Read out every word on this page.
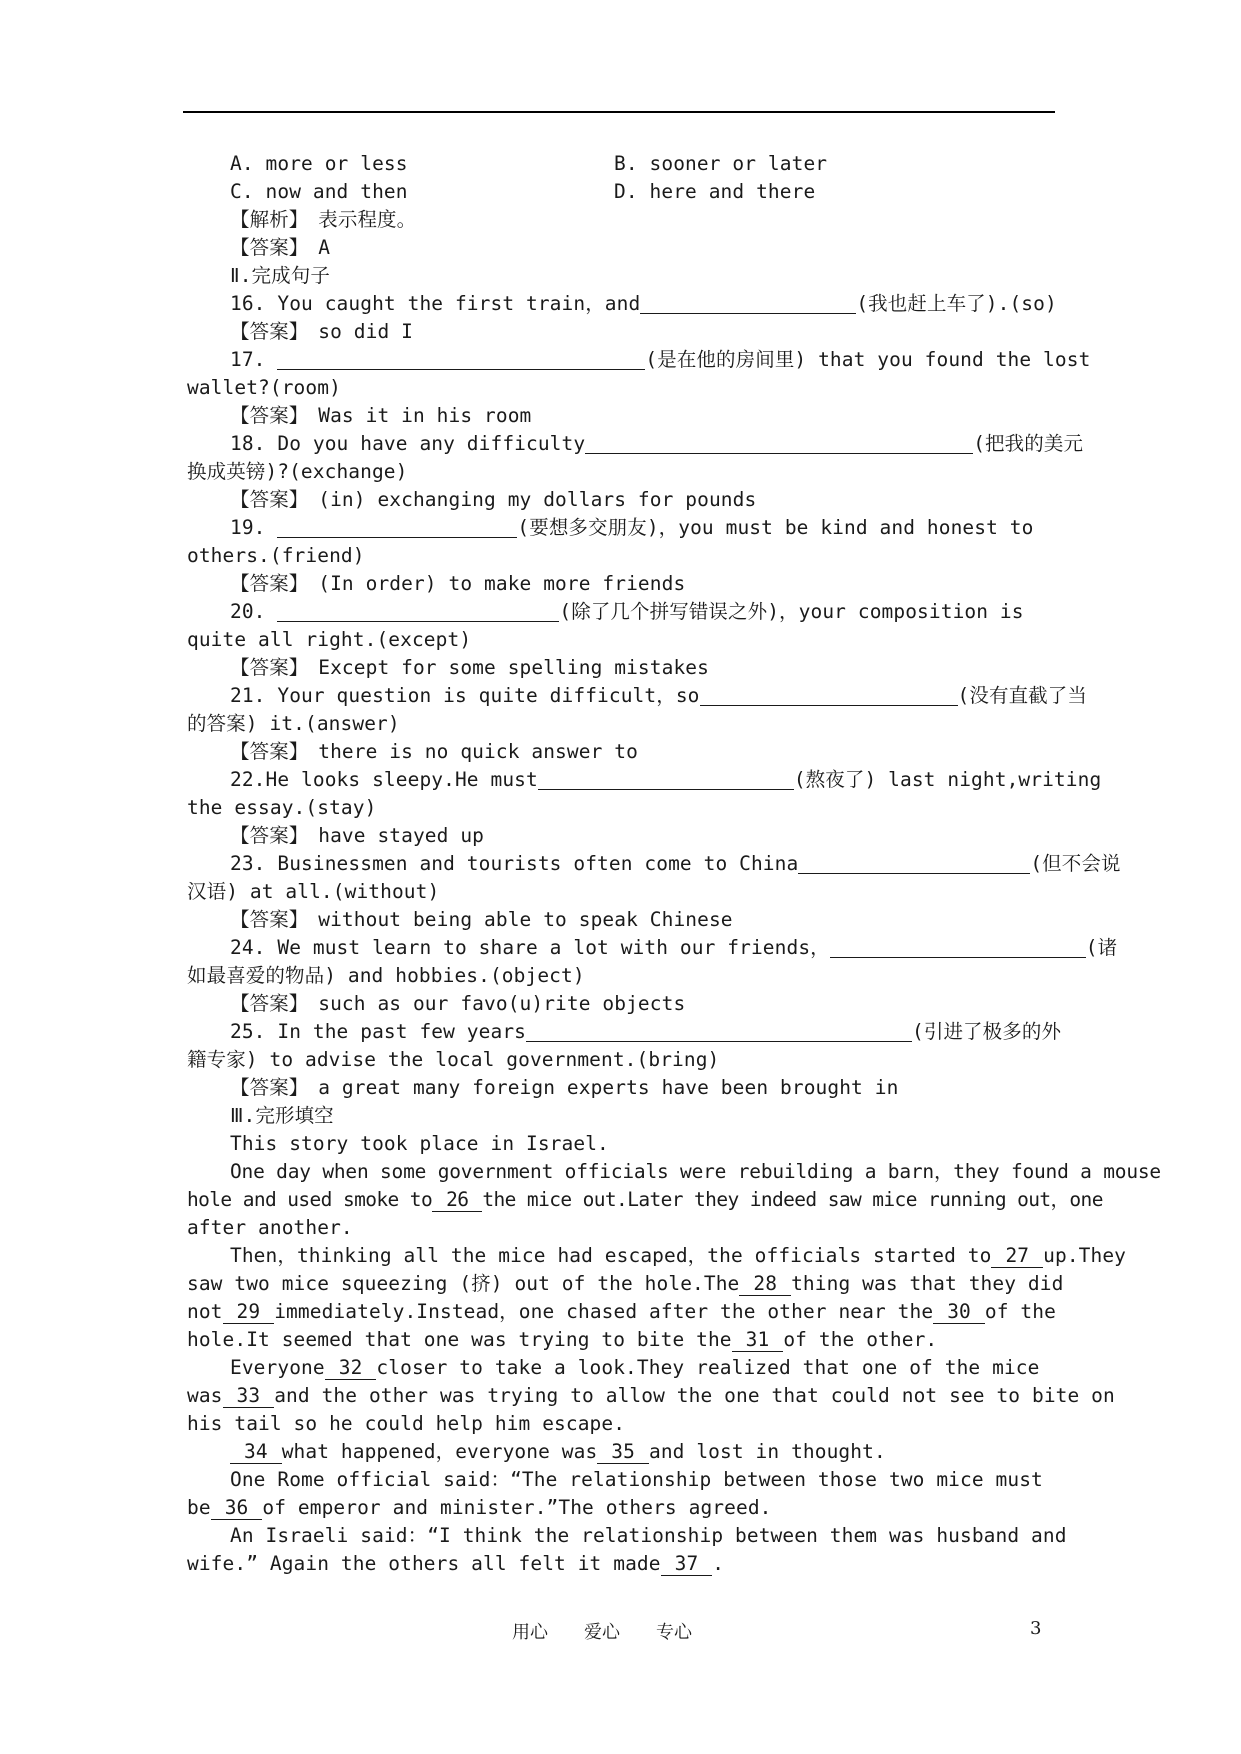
A. more or less	B. sooner or later
C. now and then	D. here and there
【解析】　表示程度。
【答案】　A
Ⅱ.完成句子
16. You caught the first train，and	(我也赶上车了).(so)
【答案】　so did I
17.	(是在他的房间里) that you found the lost
wallet?(room)
【答案】　Was it in his room
18. Do you have any difficulty	(把我的美元
换成英镑)?(exchange)
【答案】　(in) exchanging my dollars for pounds
19.	(要想多交朋友)，you must be kind and honest to
others.(friend)
【答案】　(In order) to make more friends
20.	(除了几个拼写错误之外)，your composition is
quite all right.(except)
【答案】　Except for some spelling mistakes
21. Your question is quite difficult，so	(没有直截了当
的答案) it.(answer)
【答案】　there is no quick answer to
22.He looks sleepy.He must	(熬夜了) last night,writing
the essay.(stay)
【答案】　have stayed up
23. Businessmen and tourists often come to China	(但不会说
汉语) at all.(without)
【答案】　without being able to speak Chinese
24. We must learn to share a lot with our friends，	(诸
如最喜爱的物品) and hobbies.(object)
【答案】　such as our favo(u)rite objects
25. In the past few years	(引进了极多的外
籍专家) to advise the local government.(bring)
【答案】　a great many foreign experts have been brought in
Ⅲ.完形填空
This story took place in Israel.
One day when some government officials were rebuilding a barn，they found a mouse
hole and used smoke to 26 the mice out.Later they indeed saw mice running out，one
after another.
Then，thinking all the mice had escaped，the officials started to 27 up.They
saw two mice squeezing (挤) out of the hole.The 28 thing was that they did
not 29 immediately.Instead，one chased after the other near the 30 of the
hole.It seemed that one was trying to bite the 31 of the other.
Everyone 32 closer to take a look.They realized that one of the mice
was 33 and the other was trying to allow the one that could not see to bite on
his tail so he could help him escape.
34 what happened，everyone was 35 and lost in thought.
One Rome official said：“The relationship between those two mice must
be 36 of emperor and minister.”The others agreed.
An Israeli said：“I think the relationship between them was husband and
wife.” Again the others all felt it made 37 .
用心　　爱心　　专心	3
